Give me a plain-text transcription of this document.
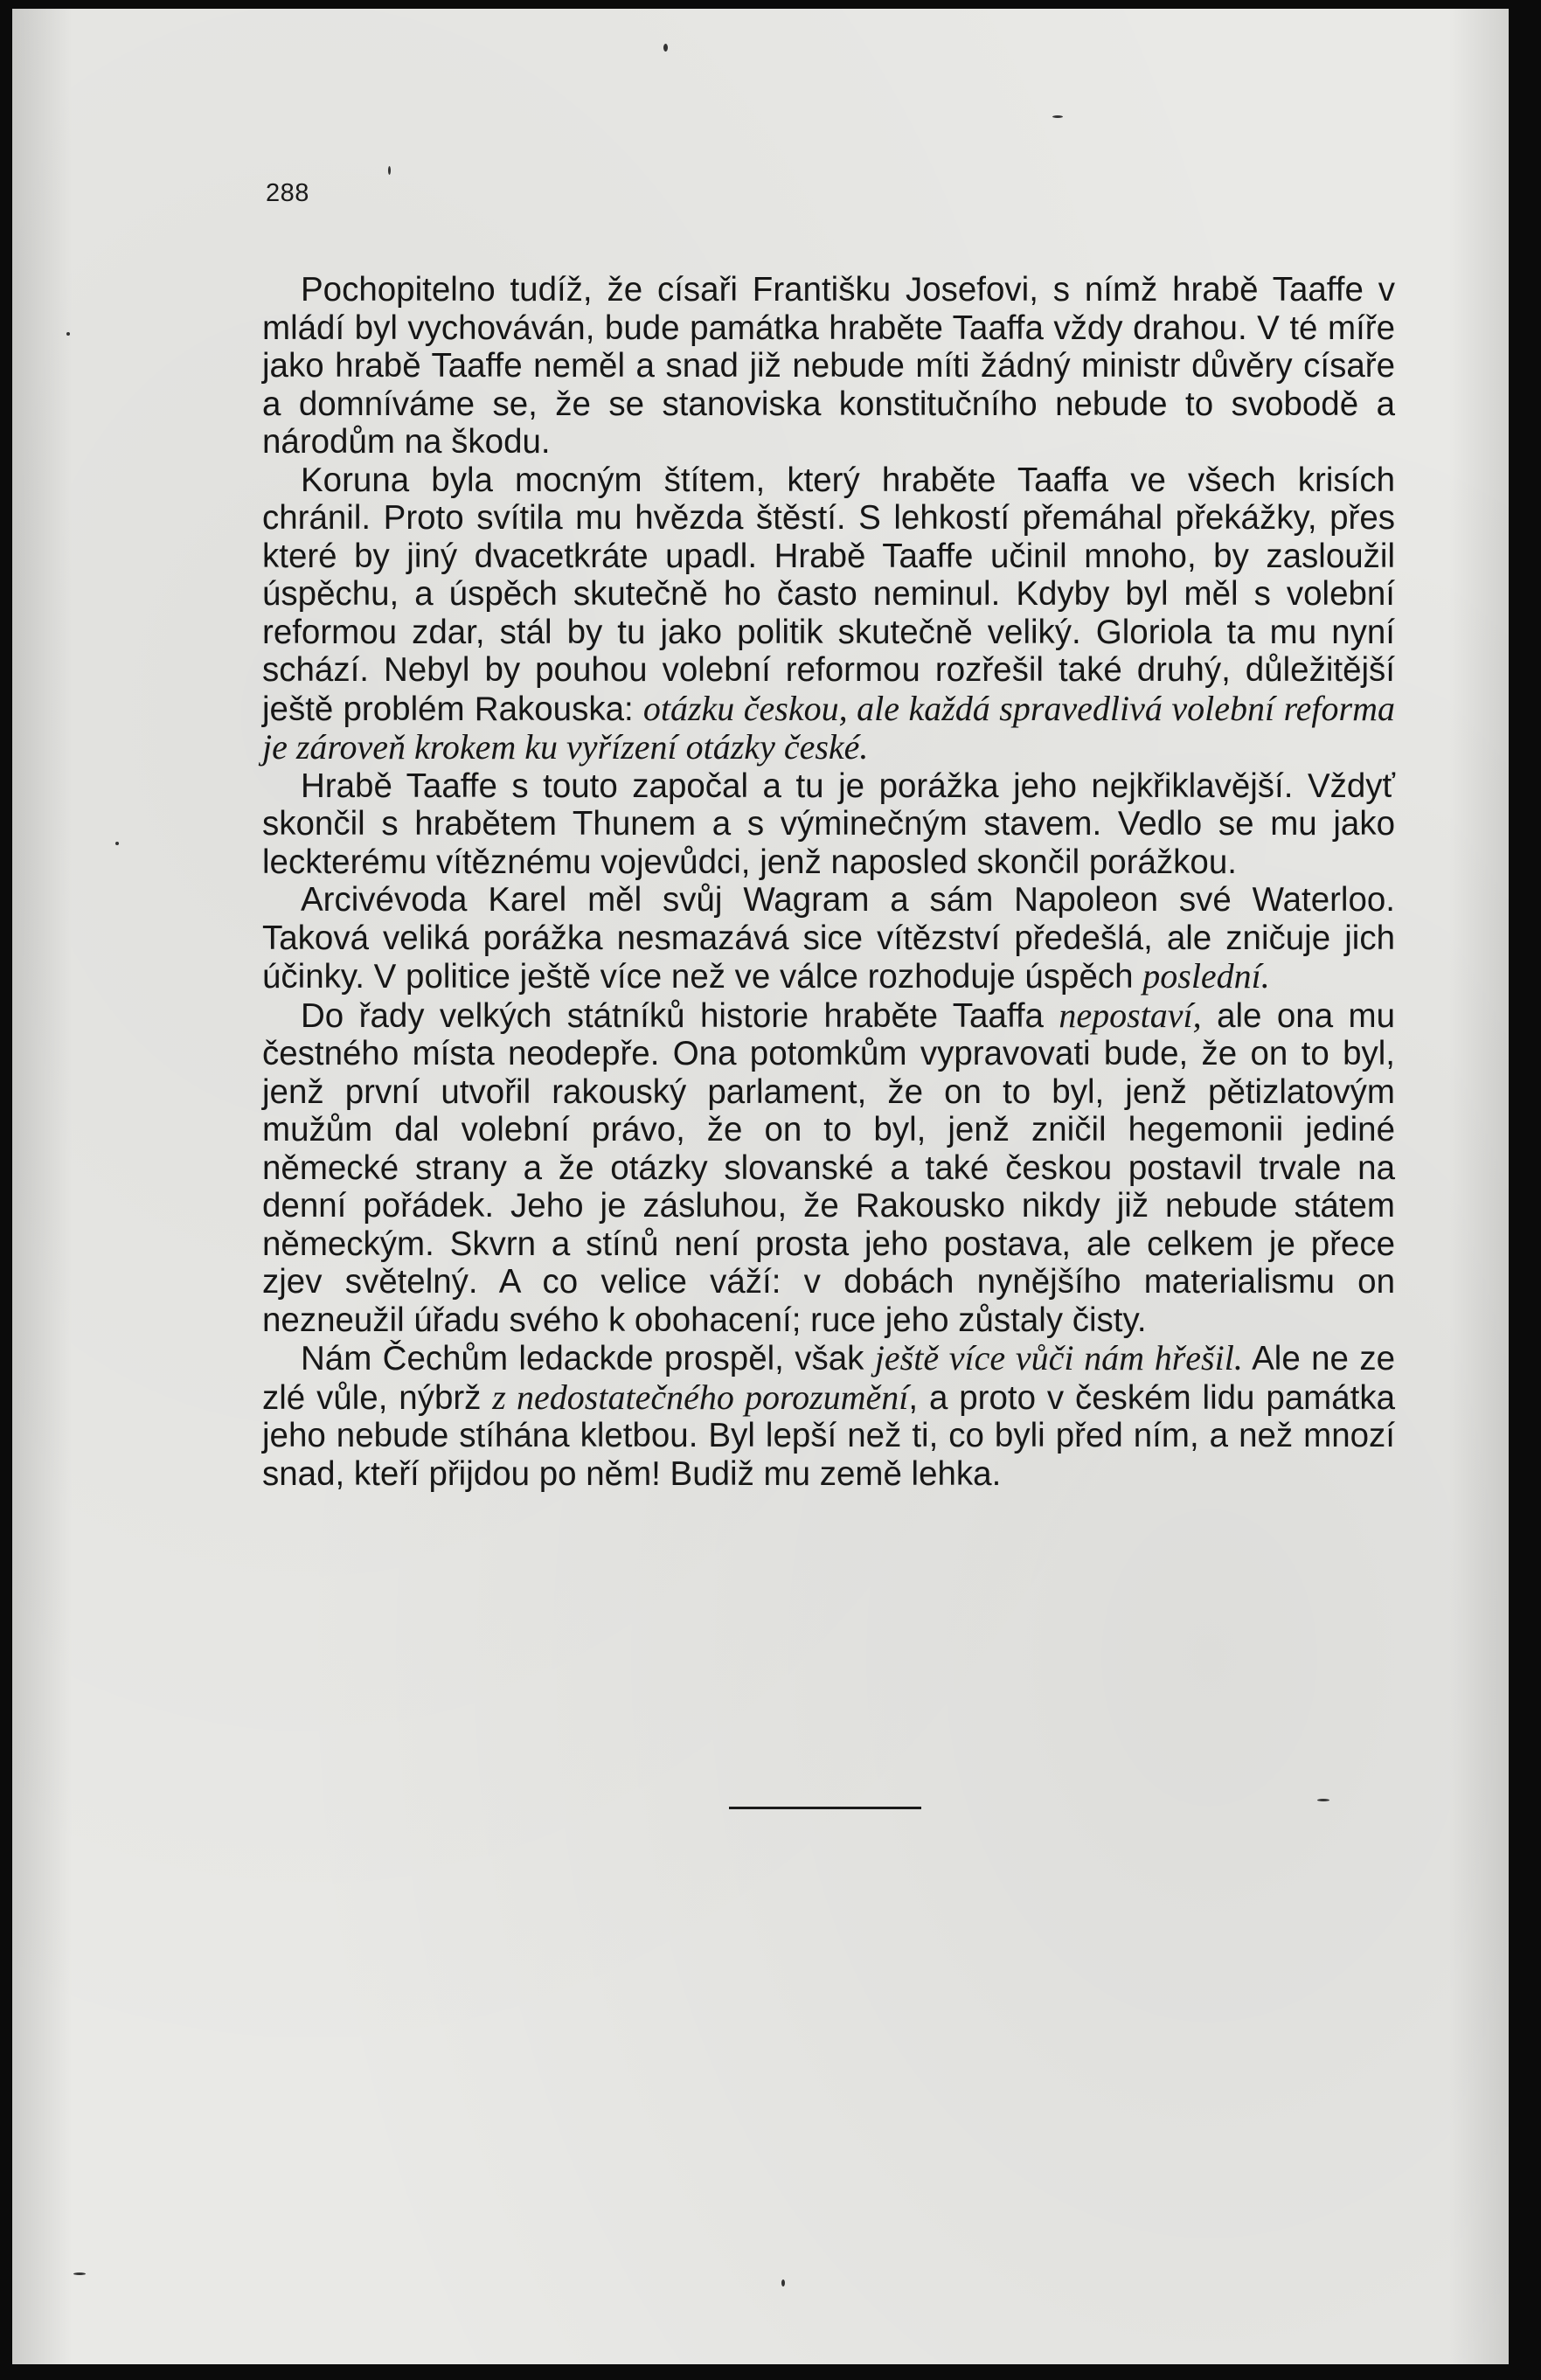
288

Pochopitelno tudíž, že císaři Františku Josefovi, s nímž hrabě Taaffe v mládí byl vychováván, bude památka hraběte Taaffa vždy drahou. V té míře jako hrabě Taaffe neměl a snad již nebude míti žádný ministr důvěry císaře a domníváme se, že se stanoviska konstitučního nebude to svobodě a národům na škodu.

Koruna byla mocným štítem, který hraběte Taaffa ve všech krisích chránil. Proto svítila mu hvězda štěstí. S lehkostí přemáhal překážky, přes které by jiný dvacetkráte upadl. Hrabě Taaffe učinil mnoho, by zasloužil úspěchu, a úspěch skutečně ho často neminul. Kdyby byl měl s volební reformou zdar, stál by tu jako politik skutečně veliký. Gloriola ta mu nyní schází. Nebyl by pouhou volební reformou rozřešil také druhý, důležitější ještě problém Rakouska: otázku českou, ale každá spravedlivá volební reforma je zároveň krokem ku vyřízení otázky české.

Hrabě Taaffe s touto započal a tu je porážka jeho nejkřiklavější. Vždyť skončil s hrabětem Thunem a s výminečným stavem. Vedlo se mu jako leckterému vítěznému vojevůdci, jenž naposled skončil porážkou.

Arcivévoda Karel měl svůj Wagram a sám Napoleon své Waterloo. Taková veliká porážka nesmazává sice vítězství předešlá, ale zničuje jich účinky. V politice ještě více než ve válce rozhoduje úspěch poslední.

Do řady velkých státníků historie hraběte Taaffa nepostaví, ale ona mu čestného místa neodepře. Ona potomkům vypravovati bude, že on to byl, jenž první utvořil rakouský parlament, že on to byl, jenž pětizlatovým mužům dal volební právo, že on to byl, jenž zničil hegemonii jediné německé strany a že otázky slovanské a také českou postavil trvale na denní pořádek. Jeho je zásluhou, že Rakousko nikdy již nebude státem německým. Skvrn a stínů není prosta jeho postava, ale celkem je přece zjev světelný. A co velice váží: v dobách nynějšího materialismu on nezneužil úřadu svého k obohacení; ruce jeho zůstaly čisty.

Nám Čechům ledackde prospěl, však ještě více vůči nám hřešil. Ale ne ze zlé vůle, nýbrž z nedostatečného porozumění, a proto v českém lidu památka jeho nebude stíhána kletbou. Byl lepší než ti, co byli před ním, a než mnozí snad, kteří přijdou po něm! Budiž mu země lehka.
